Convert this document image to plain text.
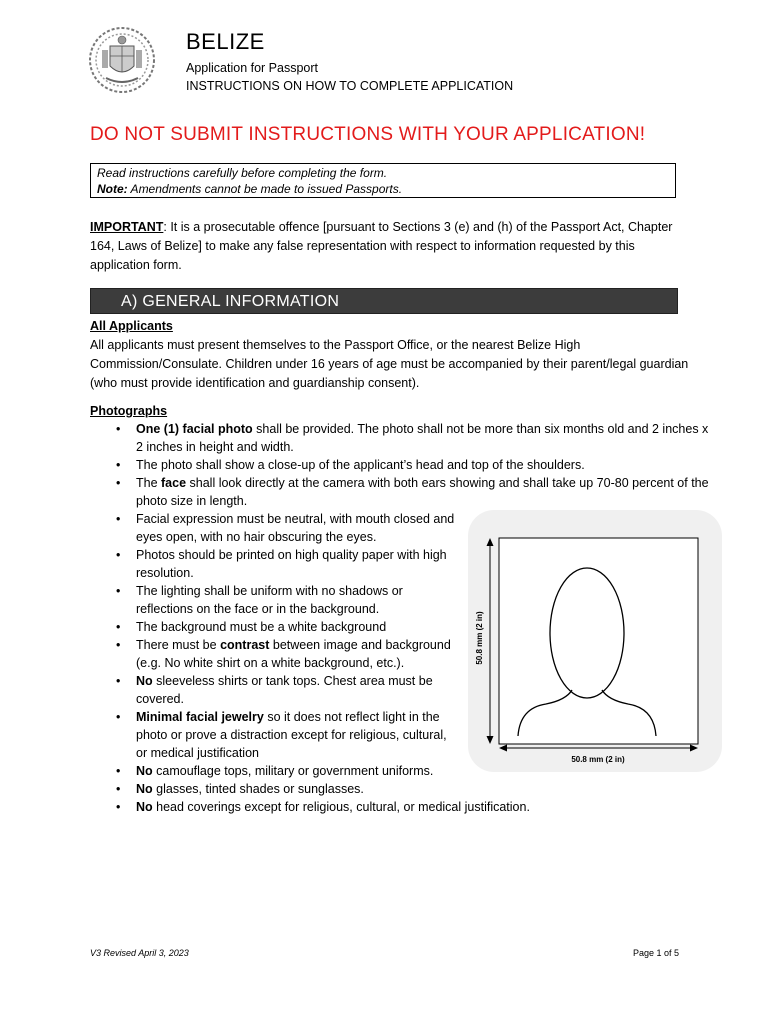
BELIZE
Application for Passport
INSTRUCTIONS ON HOW TO COMPLETE APPLICATION
DO NOT SUBMIT INSTRUCTIONS WITH YOUR APPLICATION!
Read instructions carefully before completing the form.
Note: Amendments cannot be made to issued Passports.
IMPORTANT: It is a prosecutable offence [pursuant to Sections 3 (e) and (h) of the Passport Act, Chapter 164, Laws of Belize] to make any false representation with respect to information requested by this application form.
A) GENERAL INFORMATION
All Applicants
All applicants must present themselves to the Passport Office, or the nearest Belize High Commission/Consulate. Children under 16 years of age must be accompanied by their parent/legal guardian (who must provide identification and guardianship consent).
Photographs
• One (1) facial photo shall be provided. The photo shall not be more than six months old and 2 inches x 2 inches in height and width.
• The photo shall show a close-up of the applicant’s head and top of the shoulders.
• The face shall look directly at the camera with both ears showing and shall take up 70-80 percent of the photo size in length.
• Facial expression must be neutral, with mouth closed and eyes open, with no hair obscuring the eyes.
• Photos should be printed on high quality paper with high resolution.
• The lighting shall be uniform with no shadows or reflections on the face or in the background.
• The background must be a white background
• There must be contrast between image and background (e.g. No white shirt on a white background, etc.).
• No sleeveless shirts or tank tops. Chest area must be covered.
• Minimal facial jewelry so it does not reflect light in the photo or prove a distraction except for religious, cultural, or medical justification
• No camouflage tops, military or government uniforms.
• No glasses, tinted shades or sunglasses.
• No head coverings except for religious, cultural, or medical justification.
50.8 mm (2 in)
50.8 mm (2 in)
V3 Revised April 3, 2023	Page 1 of 5
